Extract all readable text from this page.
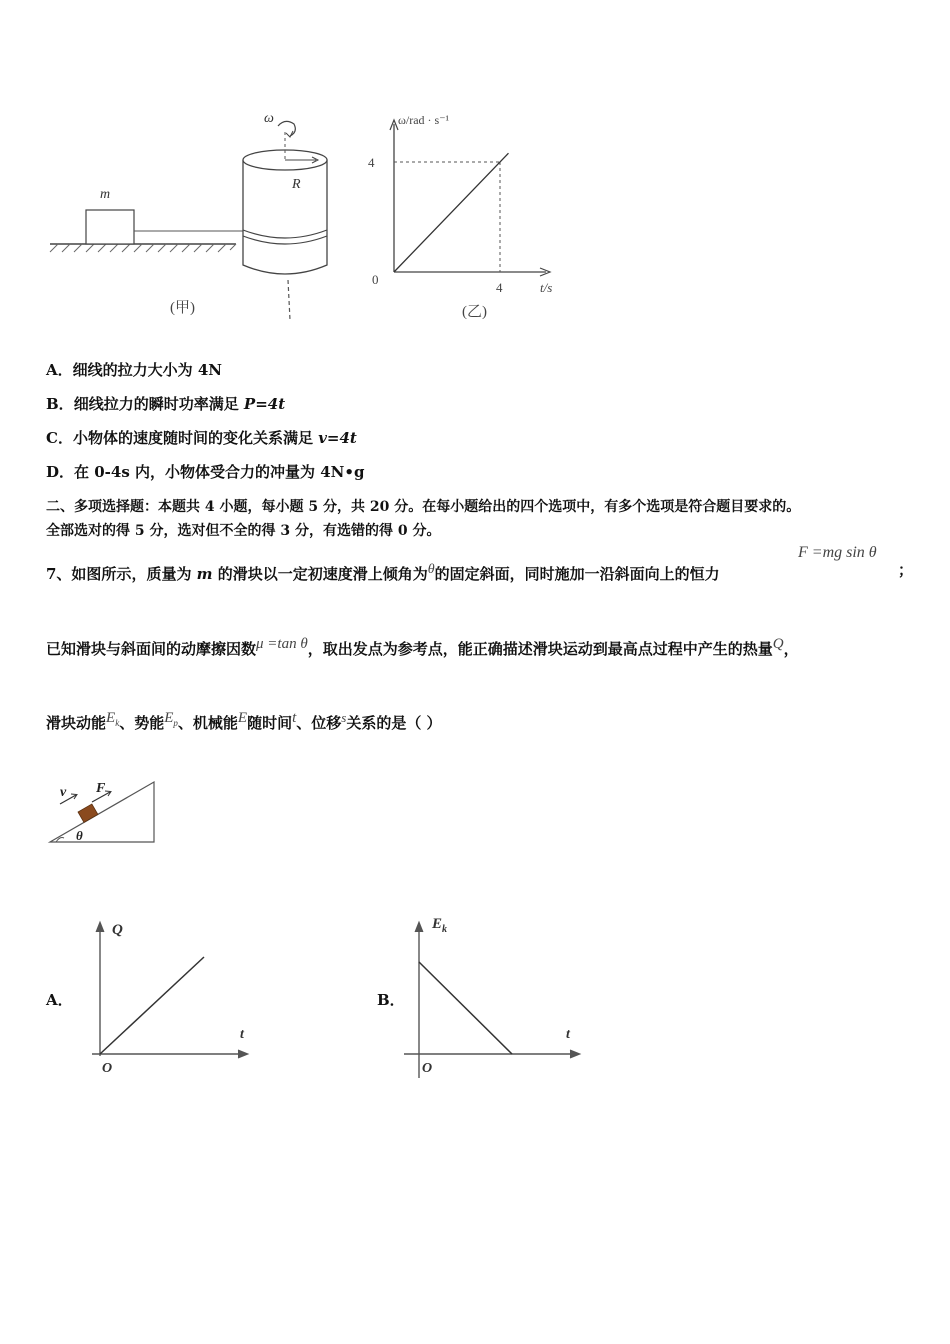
ω
R
m
(甲)
ω/rad · s⁻¹
4
0
4	t/s
(乙)
A．细线的拉力大小为 4N
B．细线拉力的瞬时功率满足 P=4t
C．小物体的速度随时间的变化关系满足 v=4t
D．在 0-4s 内，小物体受合力的冲量为 4N•g
二、多项选择题：本题共 4 小题，每小题 5 分，共 20 分。在每小题给出的四个选项中，有多个选项是符合题目要求的。
全部选对的得 5 分，选对但不全的得 3 分，有选错的得 0 分。
7、如图所示，质量为 m 的滑块以一定初速度滑上倾角为$^\theta$的固定斜面，同时施加一沿斜面向上的恒力
F =mg sin θ
；
已知滑块与斜面间的动摩擦因数$^{\mu =tan \theta}$，取出发点为参考点，能正确描述滑块运动到最高点过程中产生的热量$^Q$，
滑块动能$^{E_k}$、势能$^{E_p}$、机械能$^E$随时间$^t$、位移$^s$关系的是（ ）
v F
θ
A．
Q
t
O
B．
$E_k$
t
O
